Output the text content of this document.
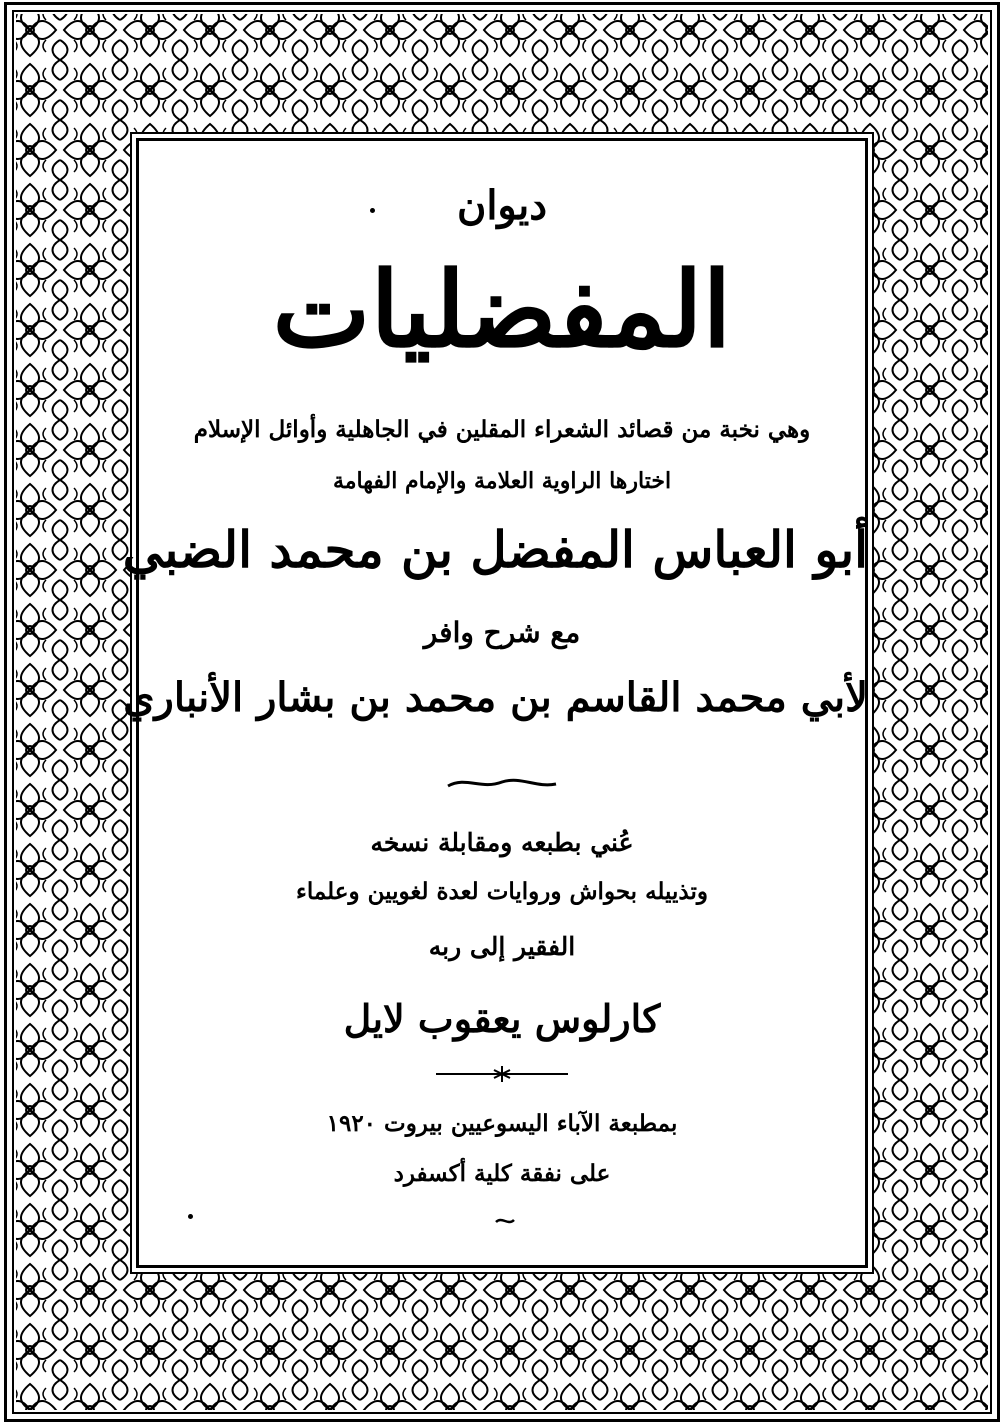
ديوان
المفضليات
وهي نخبة من قصائد الشعراء المقلين في الجاهلية وأوائل الإسلام
اختارها الراوية العلامة والإمام الفهامة
أبو العباس المفضل بن محمد الضبي
مع شرح وافر
لأبي محمد القاسم بن محمد بن بشار الأنباري
عُني بطبعه ومقابلة نسخه
وتذييله بحواش وروايات لعدة لغويين وعلماء
الفقير إلى ربه
كارلوس يعقوب لايل
بمطبعة الآباء اليسوعيين بيروت ١٩٢٠
على نفقة كلية أكسفرد
